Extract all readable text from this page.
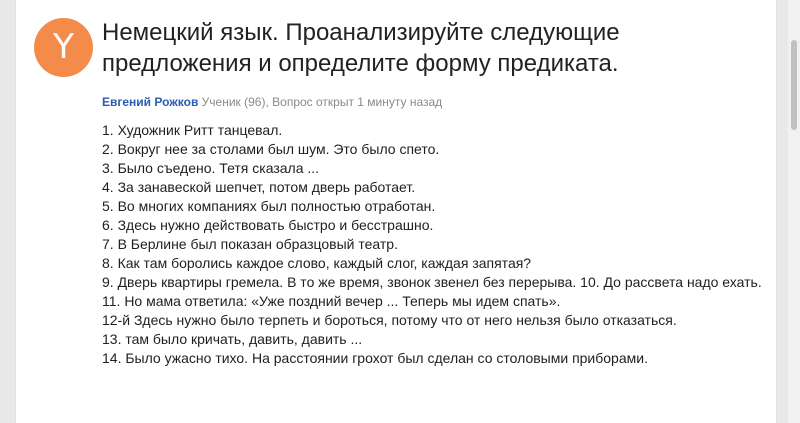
Y	Немецкий язык. Проанализируйте следующие предложения и определите форму предиката.
Евгений Рожков Ученик (96), Вопрос открыт 1 минуту назад
1. Художник Ритт танцевал.
2. Вокруг нее за столами был шум. Это было спето.
3. Было съедено. Тетя сказала ...
4. За занавеской шепчет, потом дверь работает.
5. Во многих компаниях был полностью отработан.
6. Здесь нужно действовать быстро и бесстрашно.
7. В Берлине был показан образцовый театр.
8. Как там боролись каждое слово, каждый слог, каждая запятая?
9. Дверь квартиры гремела. В то же время, звонок звенел без перерыва. 10. До рассвета надо ехать.
11. Но мама ответила: «Уже поздний вечер ... Теперь мы идем спать».
12-й Здесь нужно было терпеть и бороться, потому что от него нельзя было отказаться.
13. там было кричать, давить, давить ...
14. Было ужасно тихо. На расстоянии грохот был сделан со столовыми приборами.
